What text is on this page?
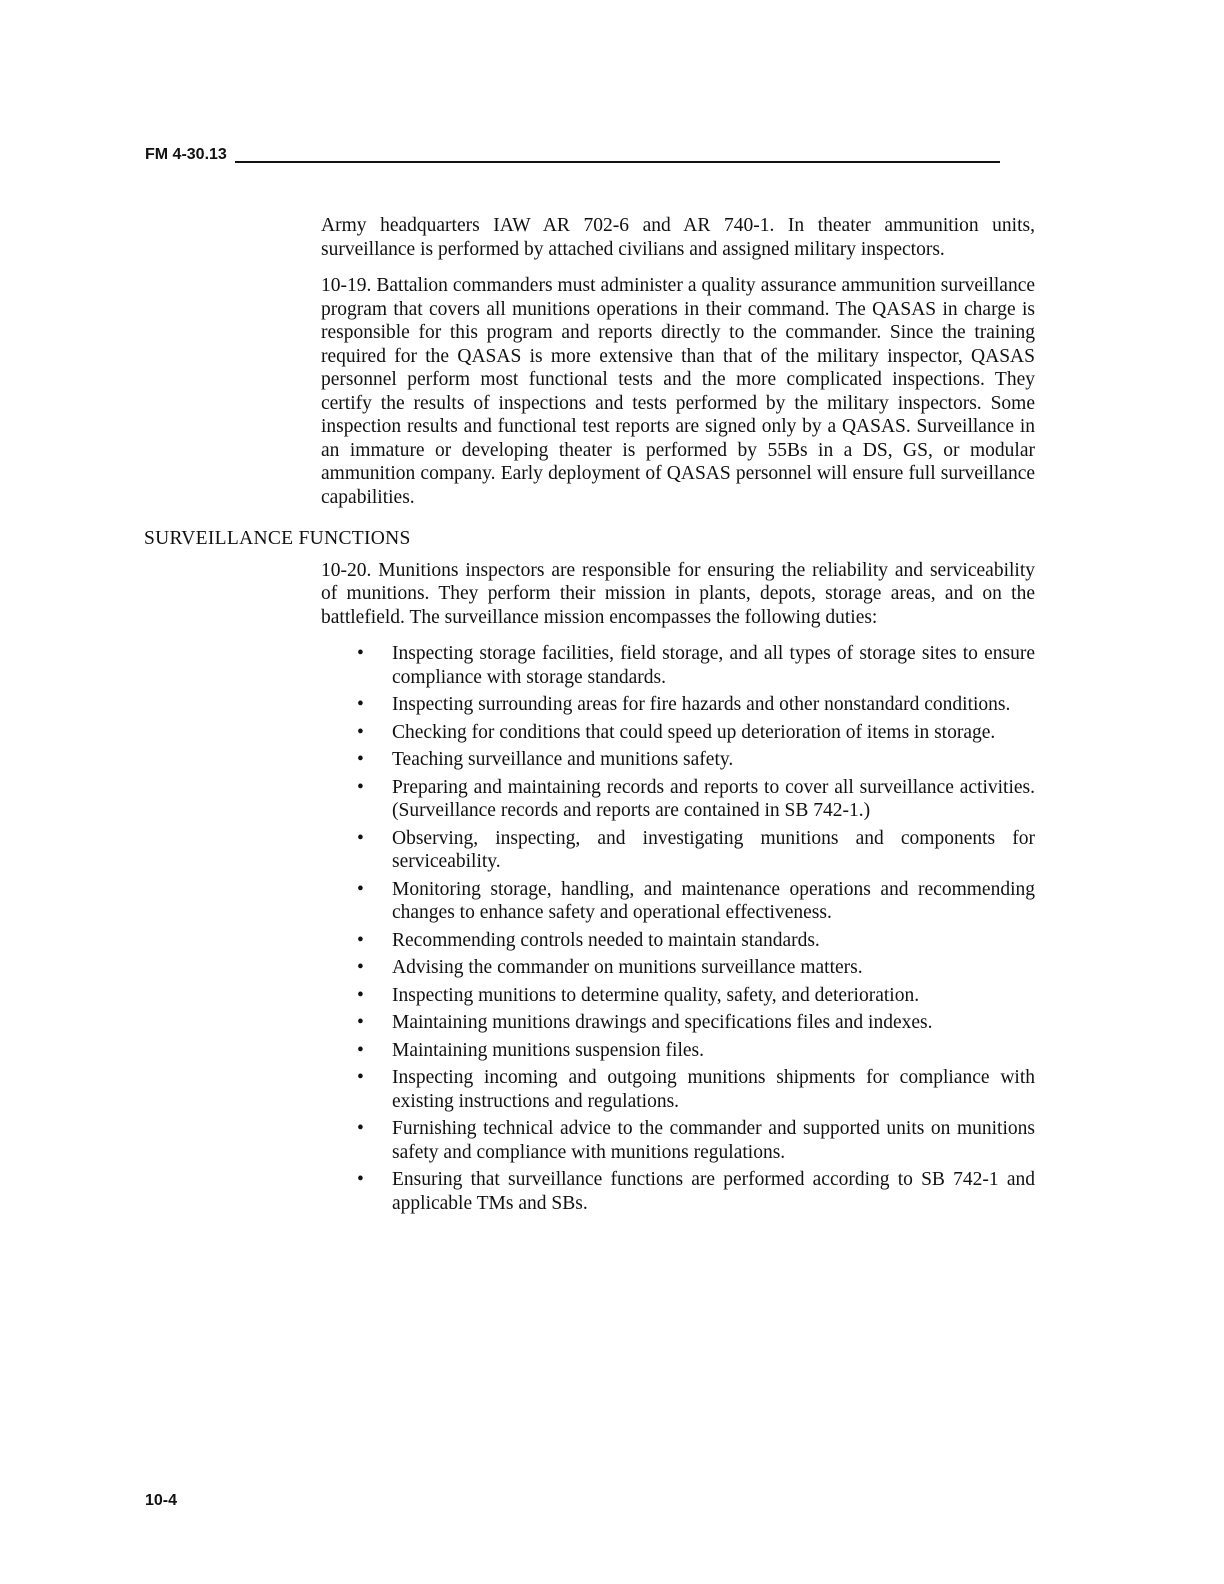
FM 4-30.13

Army headquarters IAW AR 702-6 and AR 740-1. In theater ammunition units, surveillance is performed by attached civilians and assigned military inspectors.

10-19. Battalion commanders must administer a quality assurance ammunition surveillance program that covers all munitions operations in their command. The QASAS in charge is responsible for this program and reports directly to the commander. Since the training required for the QASAS is more extensive than that of the military inspector, QASAS personnel perform most functional tests and the more complicated inspections. They certify the results of inspections and tests performed by the military inspectors. Some inspection results and functional test reports are signed only by a QASAS. Surveillance in an immature or developing theater is performed by 55Bs in a DS, GS, or modular ammunition company. Early deployment of QASAS personnel will ensure full surveillance capabilities.

SURVEILLANCE FUNCTIONS

10-20. Munitions inspectors are responsible for ensuring the reliability and serviceability of munitions. They perform their mission in plants, depots, storage areas, and on the battlefield. The surveillance mission encompasses the following duties:

• Inspecting storage facilities, field storage, and all types of storage sites to ensure compliance with storage standards.
• Inspecting surrounding areas for fire hazards and other nonstandard conditions.
• Checking for conditions that could speed up deterioration of items in storage.
• Teaching surveillance and munitions safety.
• Preparing and maintaining records and reports to cover all surveillance activities. (Surveillance records and reports are contained in SB 742-1.)
• Observing, inspecting, and investigating munitions and components for serviceability.
• Monitoring storage, handling, and maintenance operations and recommending changes to enhance safety and operational effectiveness.
• Recommending controls needed to maintain standards.
• Advising the commander on munitions surveillance matters.
• Inspecting munitions to determine quality, safety, and deterioration.
• Maintaining munitions drawings and specifications files and indexes.
• Maintaining munitions suspension files.
• Inspecting incoming and outgoing munitions shipments for compliance with existing instructions and regulations.
• Furnishing technical advice to the commander and supported units on munitions safety and compliance with munitions regulations.
• Ensuring that surveillance functions are performed according to SB 742-1 and applicable TMs and SBs.
10-4
